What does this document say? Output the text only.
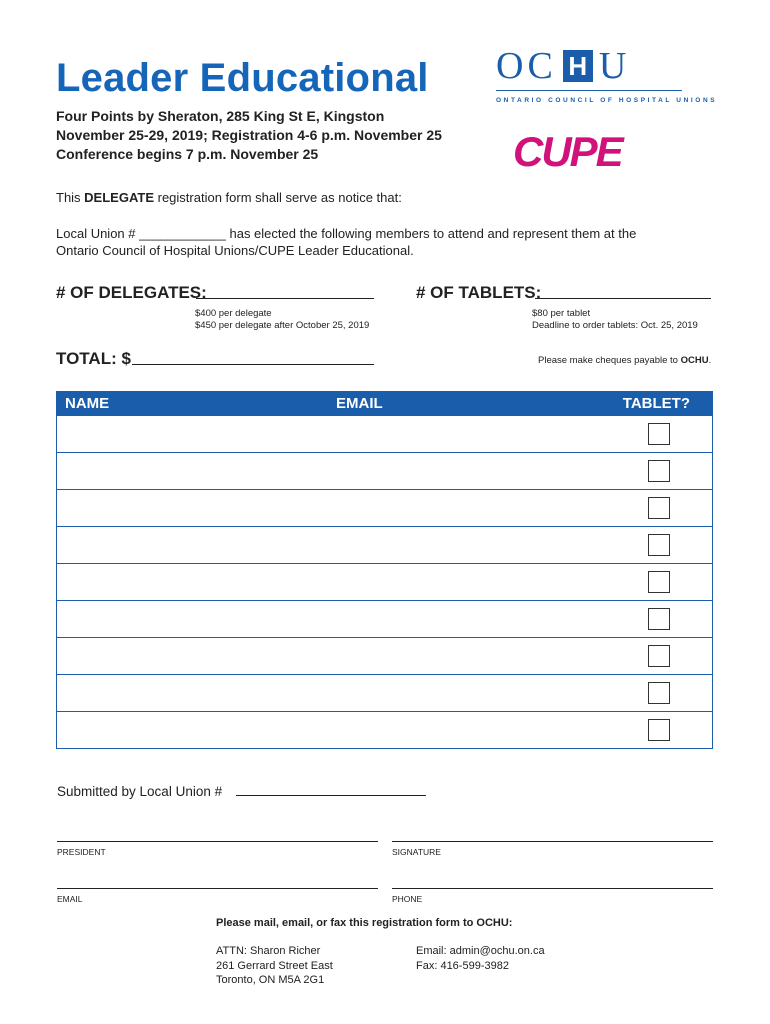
Leader Educational
Four Points by Sheraton, 285 King St E, Kingston
November 25-29, 2019; Registration 4-6 p.m. November 25
Conference begins 7 p.m. November 25
O C H U
ONTARIO COUNCIL OF HOSPITAL UNIONS
CUPE
This DELEGATE registration form shall serve as notice that:
Local Union # ____________ has elected the following members to attend and represent them at the
Ontario Council of Hospital Unions/CUPE Leader Educational.
# OF DELEGATES:
$400 per delegate
$450 per delegate after October 25, 2019
# OF TABLETS:
$80 per tablet
Deadline to order tablets: Oct. 25, 2019
TOTAL: $	Please make cheques payable to OCHU.
NAME	EMAIL	TABLET?
Submitted by Local Union #
PRESIDENT	SIGNATURE
EMAIL	PHONE
Please mail, email, or fax this registration form to OCHU:
ATTN: Sharon Richer
261 Gerrard Street East
Toronto, ON M5A 2G1
Email: admin@ochu.on.ca
Fax: 416-599-3982
